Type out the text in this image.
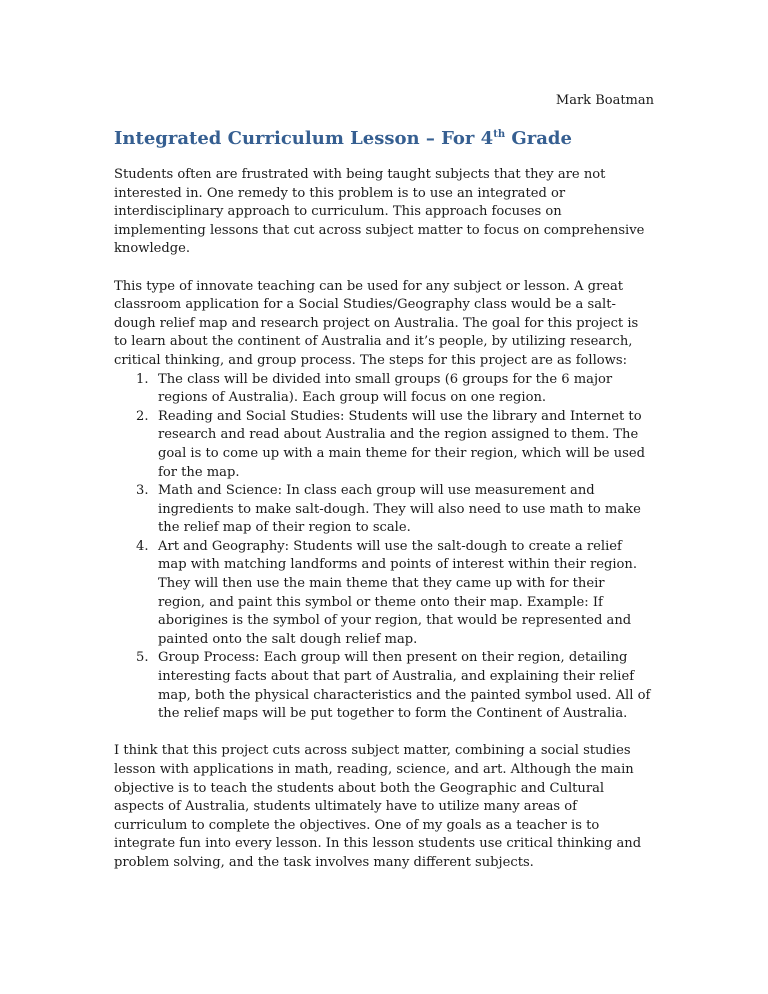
Mark Boatman
Integrated Curriculum Lesson – For 4th Grade

Students often are frustrated with being taught subjects that they are not interested in. One remedy to this problem is to use an integrated or interdisciplinary approach to curriculum. This approach focuses on implementing lessons that cut across subject matter to focus on comprehensive knowledge.

This type of innovate teaching can be used for any subject or lesson. A great classroom application for a Social Studies/Geography class would be a salt-dough relief map and research project on Australia. The goal for this project is to learn about the continent of Australia and it’s people, by utilizing research, critical thinking, and group process. The steps for this project are as follows:

1. The class will be divided into small groups (6 groups for the 6 major regions of Australia). Each group will focus on one region.
2. Reading and Social Studies: Students will use the library and Internet to research and read about Australia and the region assigned to them. The goal is to come up with a main theme for their region, which will be used for the map.
3. Math and Science: In class each group will use measurement and ingredients to make salt-dough. They will also need to use math to make the relief map of their region to scale.
4. Art and Geography: Students will use the salt-dough to create a relief map with matching landforms and points of interest within their region. They will then use the main theme that they came up with for their region, and paint this symbol or theme onto their map. Example: If aborigines is the symbol of your region, that would be represented and painted onto the salt dough relief map.
5. Group Process: Each group will then present on their region, detailing interesting facts about that part of Australia, and explaining their relief map, both the physical characteristics and the painted symbol used. All of the relief maps will be put together to form the Continent of Australia.

I think that this project cuts across subject matter, combining a social studies lesson with applications in math, reading, science, and art. Although the main objective is to teach the students about both the Geographic and Cultural aspects of Australia, students ultimately have to utilize many areas of curriculum to complete the objectives. One of my goals as a teacher is to integrate fun into every lesson. In this lesson students use critical thinking and problem solving, and the task involves many different subjects.
